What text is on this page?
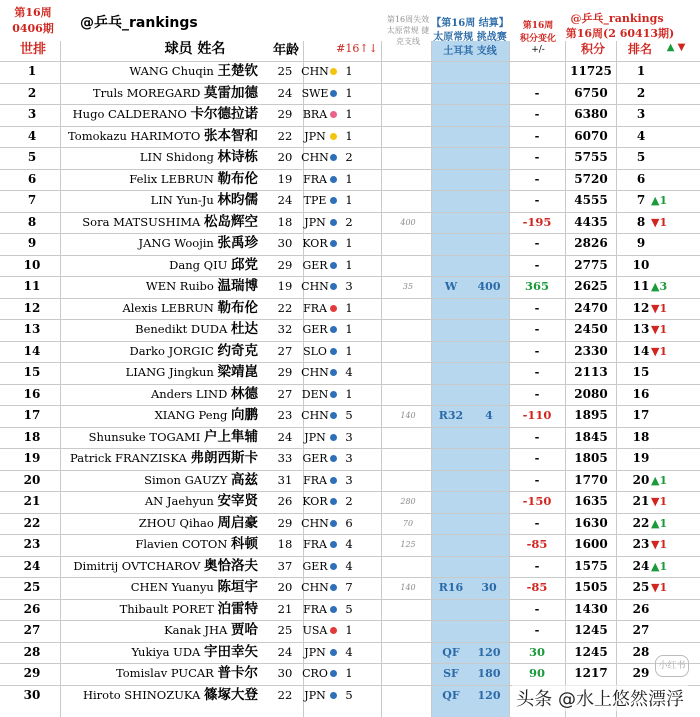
第16周
0406期
世排
@乒乓_rankings
球员 姓名	年龄	#16↑↓
第16周失效 太原常规 捷克支线
【第16周 结算】
太原常规 挑战赛
土耳其 支线
第16周
积分变化
+/-
@乒乓_rankings
第16周(2 60413期)
积分	排名	▲ ▼
1	WANG Chuqin 王楚钦	25 CHN	1	11725	1
2	Truls MOREGARD 莫雷加德	24 SWE	1	-	6750	2
3	Hugo CALDERANO 卡尔德拉诺	29 BRA	1	-	6380	3
4	Tomokazu HARIMOTO 张本智和	22	JPN	1	-	6070	4
5	LIN Shidong 林诗栋	20 CHN	2	-	5755	5
6	Felix LEBRUN 勒布伦	19 FRA	1	-	5720	6
7	LIN Yun-Ju 林昀儒	24	TPE	1	-	4555	7 ▲1
8	Sora MATSUSHIMA 松岛辉空	18	JPN	2	400	-195	4435	8 ▼1
9	JANG Woojin 张禹珍	30 KOR	1	-	2826	9
10	Dang QIU 邱党	29 GER	1	-	2775	10
11	WEN Ruibo 温瑞博	19 CHN	3	35	W	400	365	2625	11 ▲3
12	Alexis LEBRUN 勒布伦	22 FRA	1	-	2470	12 ▼1
13	Benedikt DUDA 杜达	32 GER	1	-	2450	13 ▼1
14	Darko JORGIC 约奇克	27 SLO	1	-	2330	14 ▼1
15	LIANG Jingkun 梁靖崑	29 CHN	4	-	2113	15
16	Anders LIND 林德	27 DEN	1	-	2080	16
17	XIANG Peng 向鹏	23 CHN	5	140	R32	4	-110	1895	17
18	Shunsuke TOGAMI 户上隼辅	24	JPN	3	-	1845	18
19	Patrick FRANZISKA 弗朗西斯卡	33 GER	3	-	1805	19
20	Simon GAUZY 高兹	31 FRA	3	-	1770	20 ▲1
21	AN Jaehyun 安宰贤	26 KOR	2	280	-150	1635	21 ▼1
22	ZHOU Qihao 周启豪	29 CHN	6	70	-	1630	22 ▲1
23	Flavien COTON 科顿	18 FRA	4	125	-85	1600	23 ▼1
24	Dimitrij OVTCHAROV 奥恰洛夫	37 GER	4	-	1575	24 ▲1
25	CHEN Yuanyu 陈垣宇	20 CHN	7	140	R16	30	-85	1505	25 ▼1
26	Thibault PORET 泊雷特	21 FRA	5	-	1430	26
27	Kanak JHA 贾哈	25 USA	1	-	1245	27
28	Yukiya UDA 宇田幸矢	24	JPN	4	QF	120	30	1245	28
29	Tomislav PUCAR 普卡尔	30 CRO	1	SF	180	90	1217	29
30	Hiroto SHINOZUKA 篠塚大登	22	JPN	5	QF	120
小红书
头条 @水上悠然漂浮
